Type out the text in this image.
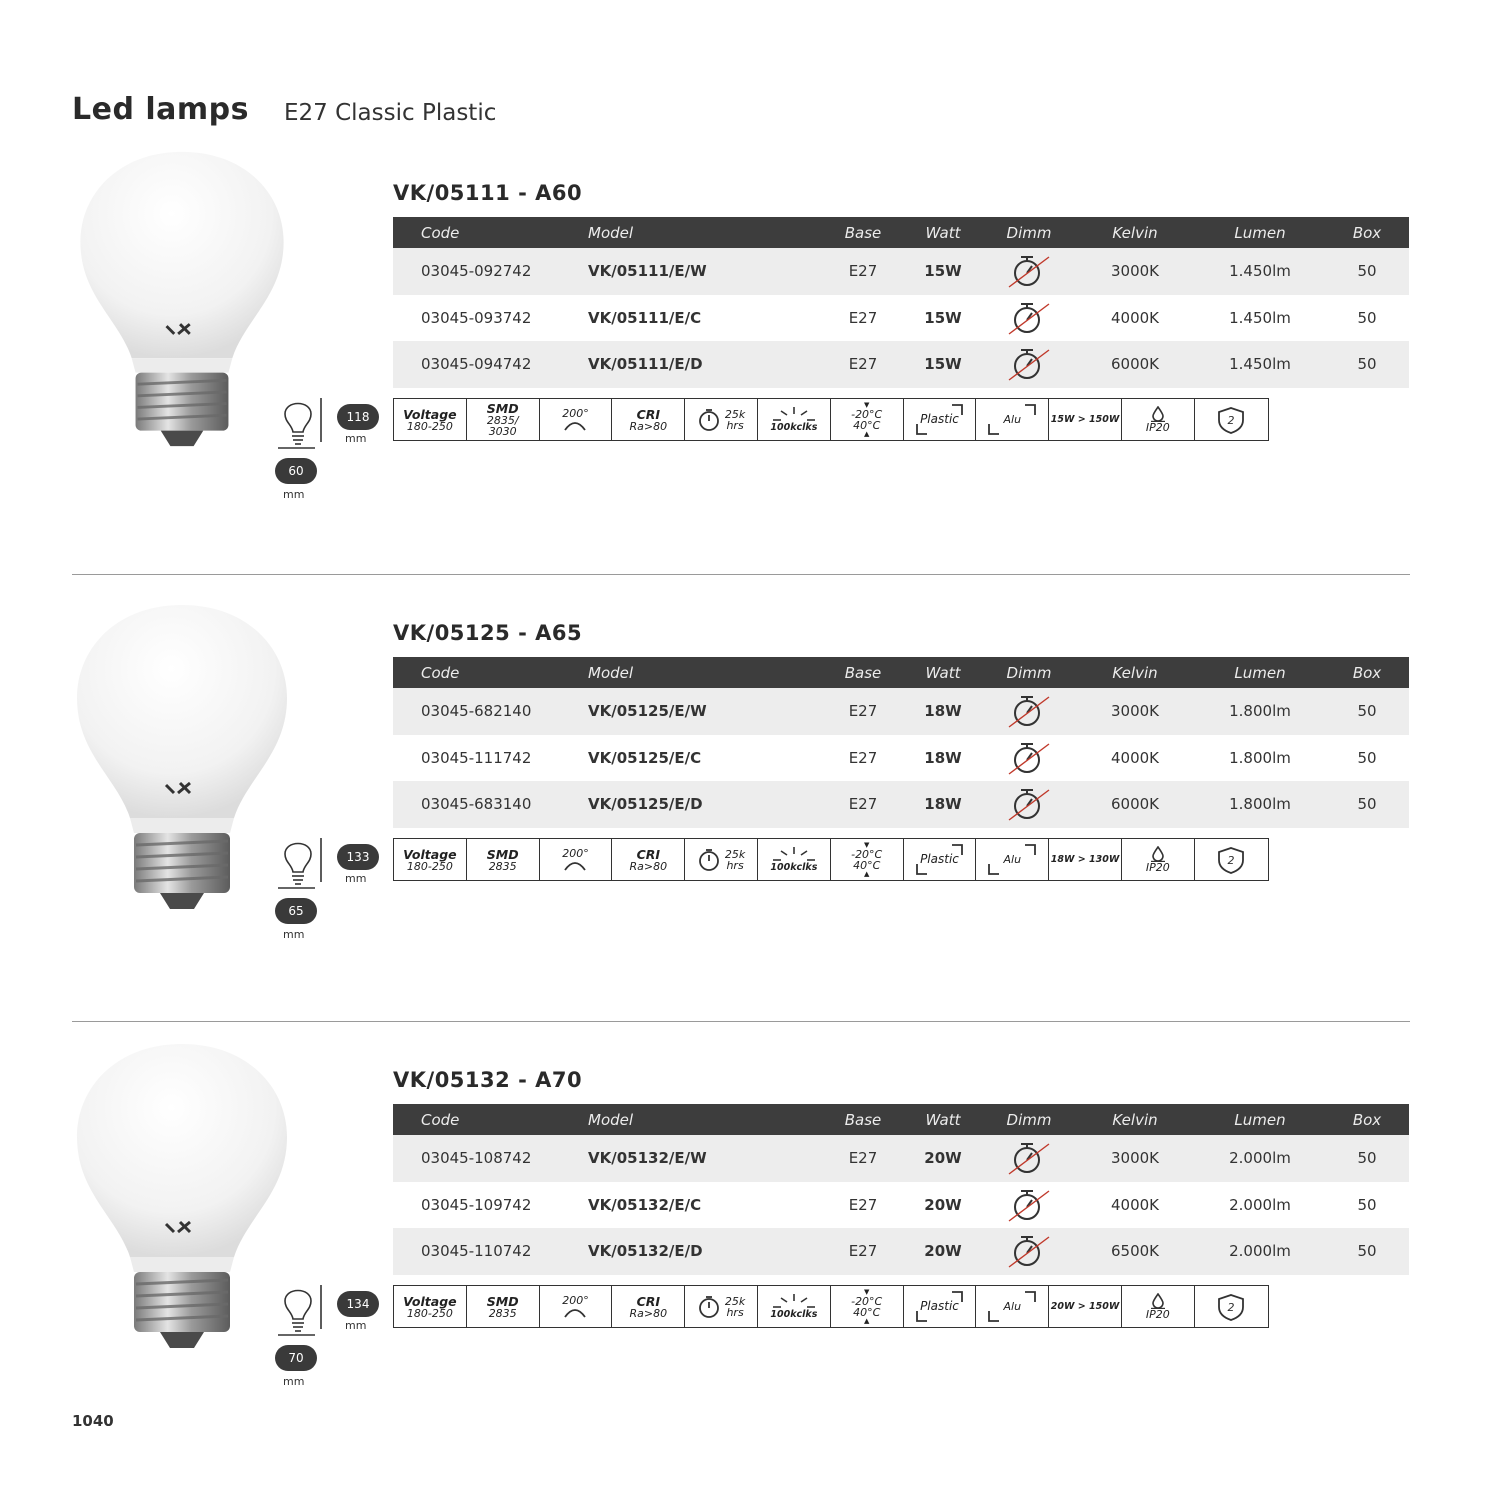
Led lamps E27 Classic Plastic
118
mm
60
mm
VK/05111 - A60
Code	Model	Base	Watt	Dimm	Kelvin	Lumen	Box
03045-092742	VK/05111/E/W	E27	15W		3000K	1.450lm	50
03045-093742	VK/05111/E/C	E27	15W		4000K	1.450lm	50
03045-094742	VK/05111/E/D	E27	15W		6000K	1.450lm	50
Voltage
180-250
SMD
2835/ 3030
200°	CRI
Ra>80
25k
hrs	100kclks
▼
-20°C
40°C
▲
Plastic	Alu	15W > 150W
IP20
2
133
mm
65
mm
VK/05125 - A65
Code	Model	Base	Watt	Dimm	Kelvin	Lumen	Box
03045-682140	VK/05125/E/W	E27	18W		3000K	1.800lm	50
03045-111742	VK/05125/E/C	E27	18W		4000K	1.800lm	50
03045-683140	VK/05125/E/D	E27	18W		6000K	1.800lm	50
Voltage
180-250
SMD
2835
200°	CRI
Ra>80
25k
hrs	100kclks
▼
-20°C
40°C
▲
Plastic	Alu	18W > 130W
IP20
2
134
mm
70
mm
VK/05132 - A70
Code	Model	Base	Watt	Dimm	Kelvin	Lumen	Box
03045-108742	VK/05132/E/W	E27	20W		3000K	2.000lm	50
03045-109742	VK/05132/E/C	E27	20W		4000K	2.000lm	50
03045-110742	VK/05132/E/D	E27	20W		6500K	2.000lm	50
Voltage
180-250
SMD
2835
200°	CRI
Ra>80
25k
hrs	100kclks
▼
-20°C
40°C
▲
Plastic	Alu	20W > 150W
IP20
2
1040
